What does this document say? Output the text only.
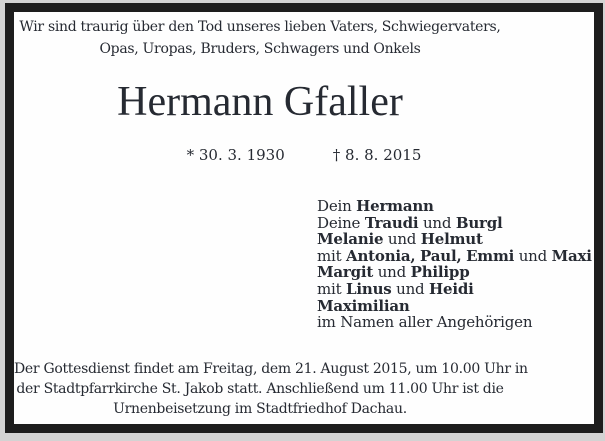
Wir sind traurig über den Tod unseres lieben Vaters, Schwiegervaters,
Opas, Uropas, Bruders, Schwagers und Onkels
Hermann Gfaller
* 30. 3. 1930	† 8. 8. 2015
Dein Hermann
Deine Traudi und Burgl
Melanie und Helmut
mit Antonia, Paul, Emmi und Maxi
Margit und Philipp
mit Linus und Heidi
Maximilian
im Namen aller Angehörigen
Der Gottesdienst findet am Freitag, dem 21. August 2015, um 10.00 Uhr in
der Stadtpfarrkirche St. Jakob statt. Anschließend um 11.00 Uhr ist die
Urnenbeisetzung im Stadtfriedhof Dachau.
